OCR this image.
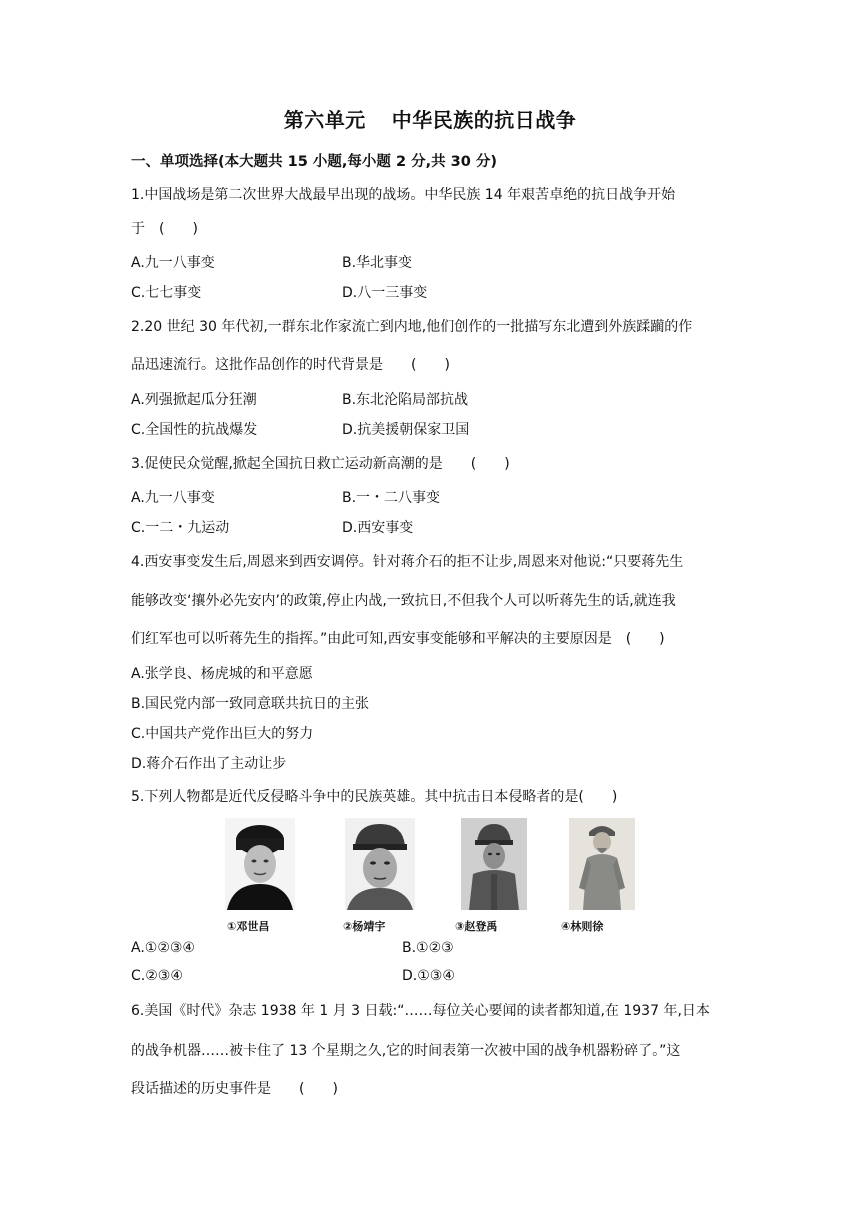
第六单元 中华民族的抗日战争
一、单项选择(本大题共 15 小题,每小题 2 分,共 30 分)
1.中国战场是第二次世界大战最早出现的战场。中华民族 14 年艰苦卓绝的抗日战争开始
于　(　　)
A.九一八事变	B.华北事变
C.七七事变	D.八一三事变
2.20 世纪 30 年代初,一群东北作家流亡到内地,他们创作的一批描写东北遭到外族蹂躏的作
品迅速流行。这批作品创作的时代背景是　　(　　)
A.列强掀起瓜分狂潮	B.东北沦陷局部抗战
C.全国性的抗战爆发	D.抗美援朝保家卫国
3.促使民众觉醒,掀起全国抗日救亡运动新高潮的是　　(　　)
A.九一八事变	B.一・二八事变
C.一二・九运动	D.西安事变
4.西安事变发生后,周恩来到西安调停。针对蒋介石的拒不让步,周恩来对他说:“只要蒋先生
能够改变‘攘外必先安内’的政策,停止内战,一致抗日,不但我个人可以听蒋先生的话,就连我
们红军也可以听蒋先生的指挥。”由此可知,西安事变能够和平解决的主要原因是　(　　)
A.张学良、杨虎城的和平意愿
B.国民党内部一致同意联共抗日的主张
C.中国共产党作出巨大的努力
D.蒋介石作出了主动让步
5.下列人物都是近代反侵略斗争中的民族英雄。其中抗击日本侵略者的是(　　)
①邓世昌	②杨靖宇	③赵登禹	④林则徐
A.①②③④	B.①②③
C.②③④	D.①③④
6.美国《时代》杂志 1938 年 1 月 3 日载:“……每位关心要闻的读者都知道,在 1937 年,日本
的战争机器……被卡住了 13 个星期之久,它的时间表第一次被中国的战争机器粉碎了。”这
段话描述的历史事件是　　(　　)
